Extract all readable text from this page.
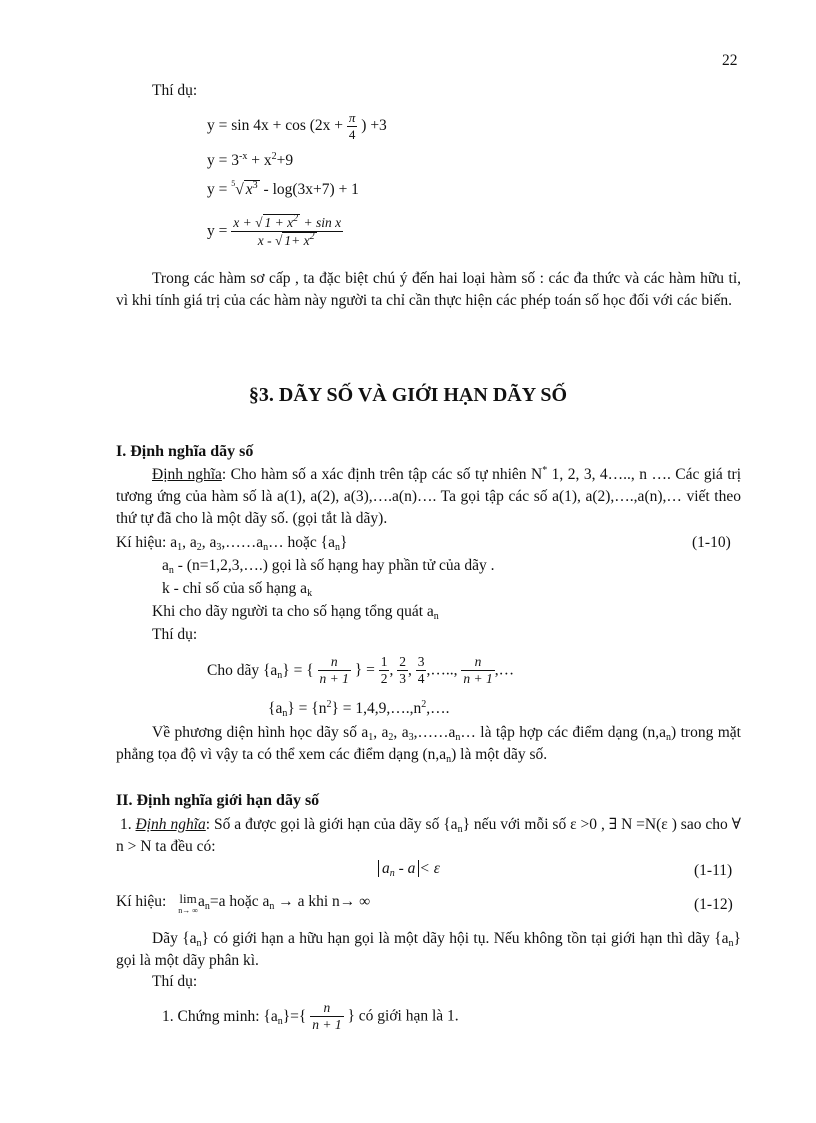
22
Thí dụ:
$y = \sin 4x + \cos (2x + \frac{\pi}{4}$ ) +3
$y = 3^{-x} + x^2+9$
y = $^5$√ $x^3 - \log(3x+7) + 1$
$y = \frac{x + √ 1 + x^2 + \sin x}{x - √ 1+ x^2}$
Trong các hàm sơ cấp , ta đặc biệt chú ý đến hai loại hàm số : các đa thức và các hàm hữu tỉ, vì khi tính giá trị của các hàm này người ta chỉ cần thực hiện các phép toán số học đối với các biến.
§3. DÃY SỐ VÀ GIỚI HẠN DÃY SỐ
I. Định nghĩa dãy số
Định nghĩa: Cho hàm số a xác định trên tập các số tự nhiên N* 1, 2, 3, 4….., n …. Các giá trị tương ứng của hàm số là a(1), a(2), a(3),….a(n)…. Ta gọi tập các số a(1), a(2),….,a(n),… viết theo thứ tự đã cho là một dãy số. (gọi tắt là dãy).
Kí hiệu: $a_1$, $a_2$, $a_3,\dots\dots a_n\dots$ hoặc $\{a_n\}$	(1-10)
$a_n$ - (n=1,2,3,….) gọi là số hạng hay phần tử của dãy .
k - chỉ số của số hạng $a_k$
Khi cho dãy người ta cho số hạng tổng quát $a_n$
Thí dụ:
Cho dãy $\{a_n\}$ = { $\frac{n}{n + 1}$ } = $\frac{1}{2}$ , $\frac{2}{3}$ , $\frac{3}{4}$ ,….., $\frac{n}{n + 1}$ ,…
$\{a_n\} = \{n^2\}$ = $1,4,9,\dots.,n^2,\dots$.
Về phương diện hình học dãy số $a_1$, $a_2$, $a_3,\dots\dots a_n\dots$ là tập hợp các điểm dạng $(n,a_n)$ trong mặt phẳng tọa độ vì vậy ta có thể xem các điểm dạng $(n,a_n)$ là một dãy số.
II. Định nghĩa giới hạn dãy số
1. Định nghĩa: Số a được gọi là giới hạn của dãy số $\{a_n\}$ nếu với mỗi số ε >0 , ∃ N =N(ε ) sao cho ∀ n > N ta đều có:
$a_n - a < \varepsilon$	(1-11)
Kí hiệu: lim
n→ ∞
$a_n=a$ hoặc $a_n \to a$ khi n→ ∞	(1-12)
Dãy $\{a_n\}$ có giới hạn a hữu hạn gọi là một dãy hội tụ. Nếu không tồn tại giới hạn thì dãy $\{a_n\}$ gọi là một dãy phân kì.
Thí dụ:
1. Chứng minh: $\{a_n\}=\{ \frac{n}{n + 1}$ } có giới hạn là 1.
